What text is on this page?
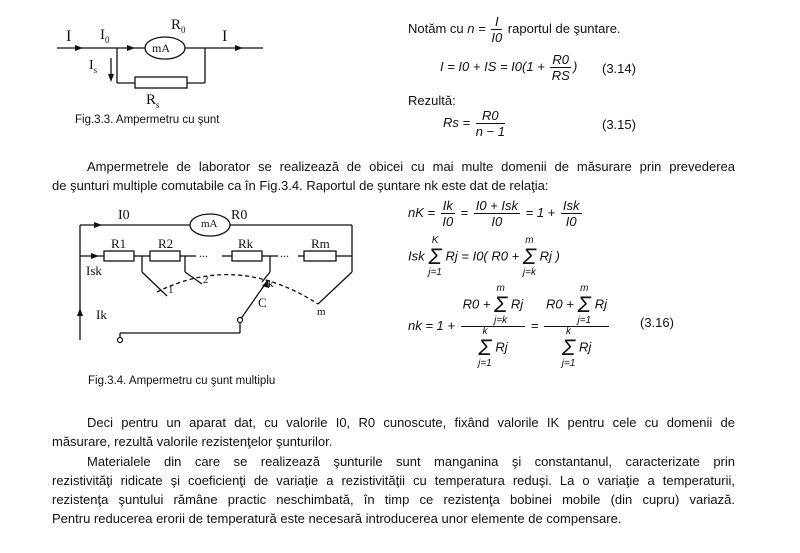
I $I_0$
$R_0$
mA
I
$I_s$
$R_s$
Fig.3.3. Ampermetru cu şunt
Notăm cu $n = \frac{I}{I0}$ raportul de şuntare.
I = I0 + IS = $I0(1 + \frac{R0}{RS}$ ) (3.14)
Rezultă:
$Rs = \frac{R0}{n - 1}$	(3.15)
Ampermetrele de laborator se realizează de obicei cu mai multe domenii de măsurare prin prevederea
de şunturi multiple comutabile ca în Fig.3.4. Raportul de şuntare nk este dat de relaţia:
I0	R0
mA
R1 R2
...
Rk
...
Rm
Isk
Ik
1
2	k
C
m
Fig.3.4. Ampermetru cu şunt multiplu
nK = $\frac{Ik}{I0} = \frac{\text{I0 + Isk}}{I0} = 1 + \frac{\text{Isk}}{I0}$
Isk K
Σ
j=1 Rj = I0( R0 + m
Σ
j=k Rj )
nk = 1 + R0 + m
Σ
j=k Rj
k
Σ
j=1 Rj = R0 + m
Σ
j=1 Rj
k
Σ
j=1 Rj (3.16)
Deci pentru un aparat dat, cu valorile I0, R0 cunoscute, fixând valorile IK pentru cele cu domenii de
măsurare, rezultă valorile rezistenţelor şunturilor.
Materialele din care se realizează şunturile sunt manganina şi constantanul, caracterizate prin
rezistivităţi ridicate şi coeficienţi de variaţie a rezistivităţii cu temperatura reduşi. La o variaţie a temperaturii,
rezistenţa şuntului rămâne practic neschimbată, în timp ce rezistenţa bobinei mobile (din cupru) variază.
Pentru reducerea erorii de temperatură este necesară introducerea unor elemente de compensare.
